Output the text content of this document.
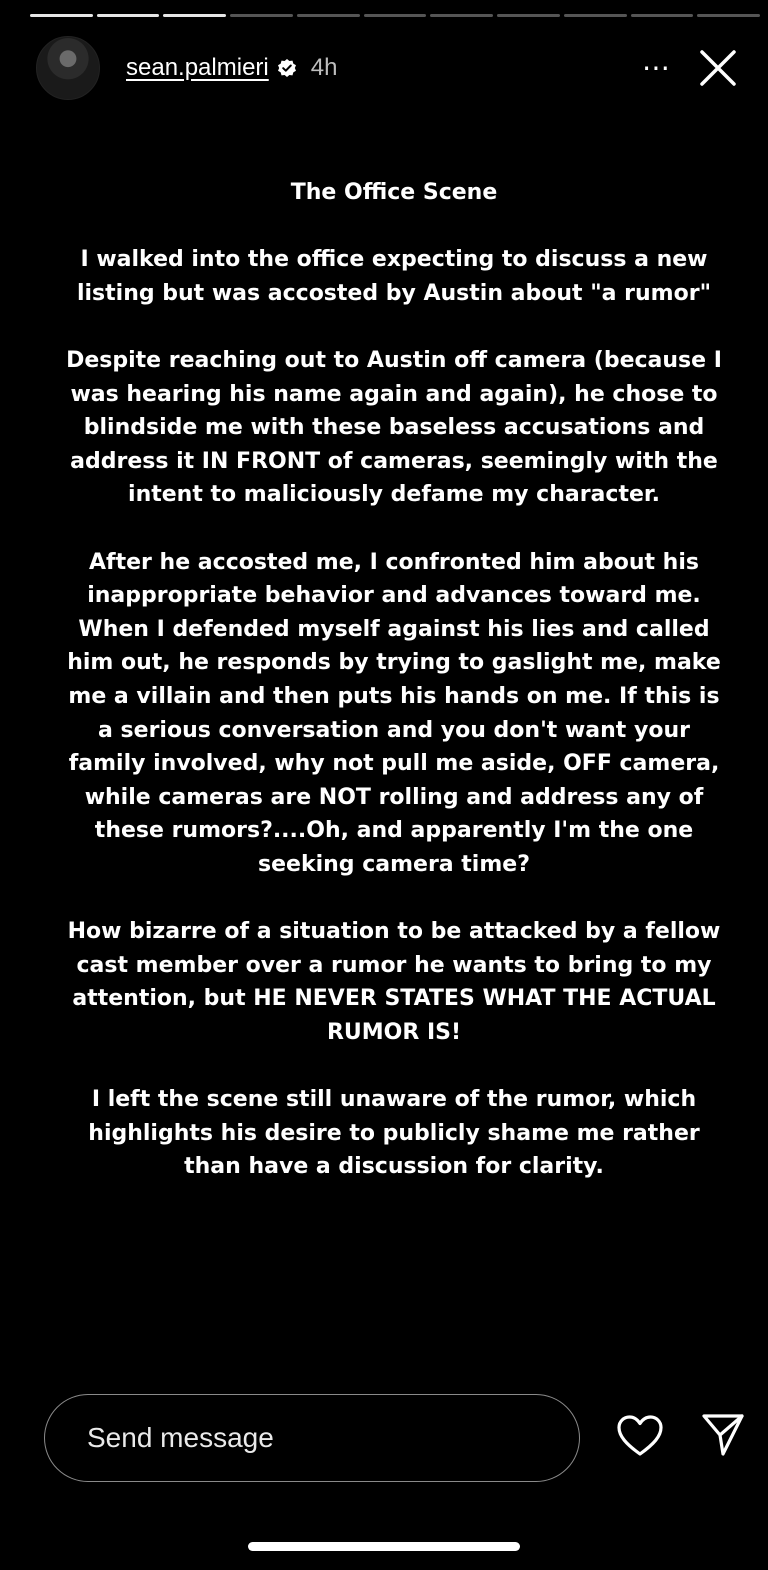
sean.palmieri 4h	⋯

The Office Scene

I walked into the office expecting to discuss a new listing but was accosted by Austin about "a rumor"

Despite reaching out to Austin off camera (because I was hearing his name again and again), he chose to blindside me with these baseless accusations and address it IN FRONT of cameras, seemingly with the intent to maliciously defame my character.

After he accosted me, I confronted him about his inappropriate behavior and advances toward me. When I defended myself against his lies and called him out, he responds by trying to gaslight me, make me a villain and then puts his hands on me. If this is a serious conversation and you don't want your family involved, why not pull me aside, OFF camera, while cameras are NOT rolling and address any of these rumors?....Oh, and apparently I'm the one seeking camera time?

How bizarre of a situation to be attacked by a fellow cast member over a rumor he wants to bring to my attention, but HE NEVER STATES WHAT THE ACTUAL RUMOR IS!

I left the scene still unaware of the rumor, which highlights his desire to publicly shame me rather than have a discussion for clarity.

Send message
